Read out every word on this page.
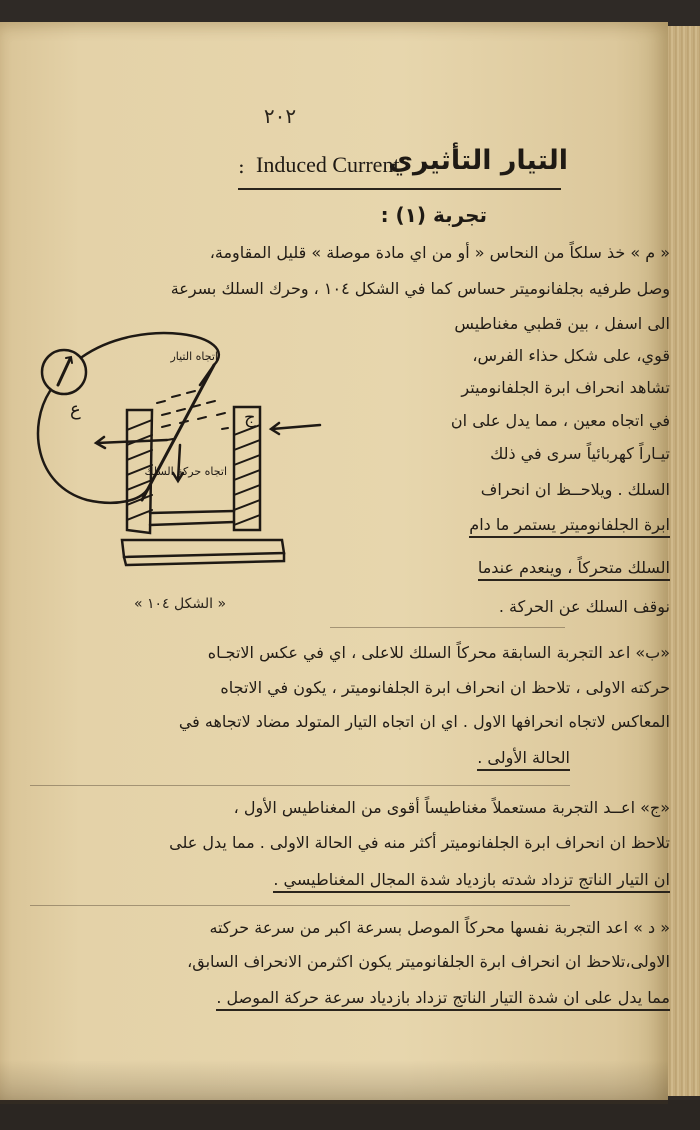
٢٠٢
التيار التأثيري
Induced Current
:
تجربة (١) :
« م » خذ سلكاً من النحاس « أو من اي مادة موصلة » قليل المقاومة،
وصل طرفيه بجلفانوميتر حساس كما في الشكل ١٠٤ ، وحرك السلك بسرعة
الى اسفل ، بين قطبي مغناطيس
قوي، على شكل حذاء الفرس،
تشاهد انحراف ابرة الجلفانوميتر
في اتجاه معين ، مما يدل على ان
تيـاراً كهربائياً سرى في ذلك
السلك . ويلاحــظ ان انحراف
ابرة الجلفانوميتر يستمر ما دام
السلك متحركاً ، وينعدم عندما
نوقف السلك عن الحركة .
ج
ع
اتجاه التيار
اتجاه حركة السلك
« الشكل ١٠٤ »
«ب» اعد التجربة السابقة محركاً السلك للاعلى ، اي في عكس الاتجـاه
حركته الاولى ، تلاحظ ان انحراف ابرة الجلفانوميتر ، يكون في الاتجاه
المعاكس لاتجاه انحرافها الاول . اي ان اتجاه التيار المتولد مضاد لاتجاهه في
الحالة الأولى .
«ج» اعــد التجربة مستعملاً مغناطيساً أقوى من المغناطيس الأول ،
تلاحظ ان انحراف ابرة الجلفانوميتر أكثر منه في الحالة الاولى . مما يدل على
ان التيار الناتج تزداد شدته بازدياد شدة المجال المغناطيسي .
« د » اعد التجربة نفسها محركاً الموصل بسرعة اكبر من سرعة حركته
الاولى،تلاحظ ان انحراف ابرة الجلفانوميتر يكون اكثرمن الانحراف السابق،
مما يدل على ان شدة التيار الناتج تزداد بازدياد سرعة حركة الموصل .
